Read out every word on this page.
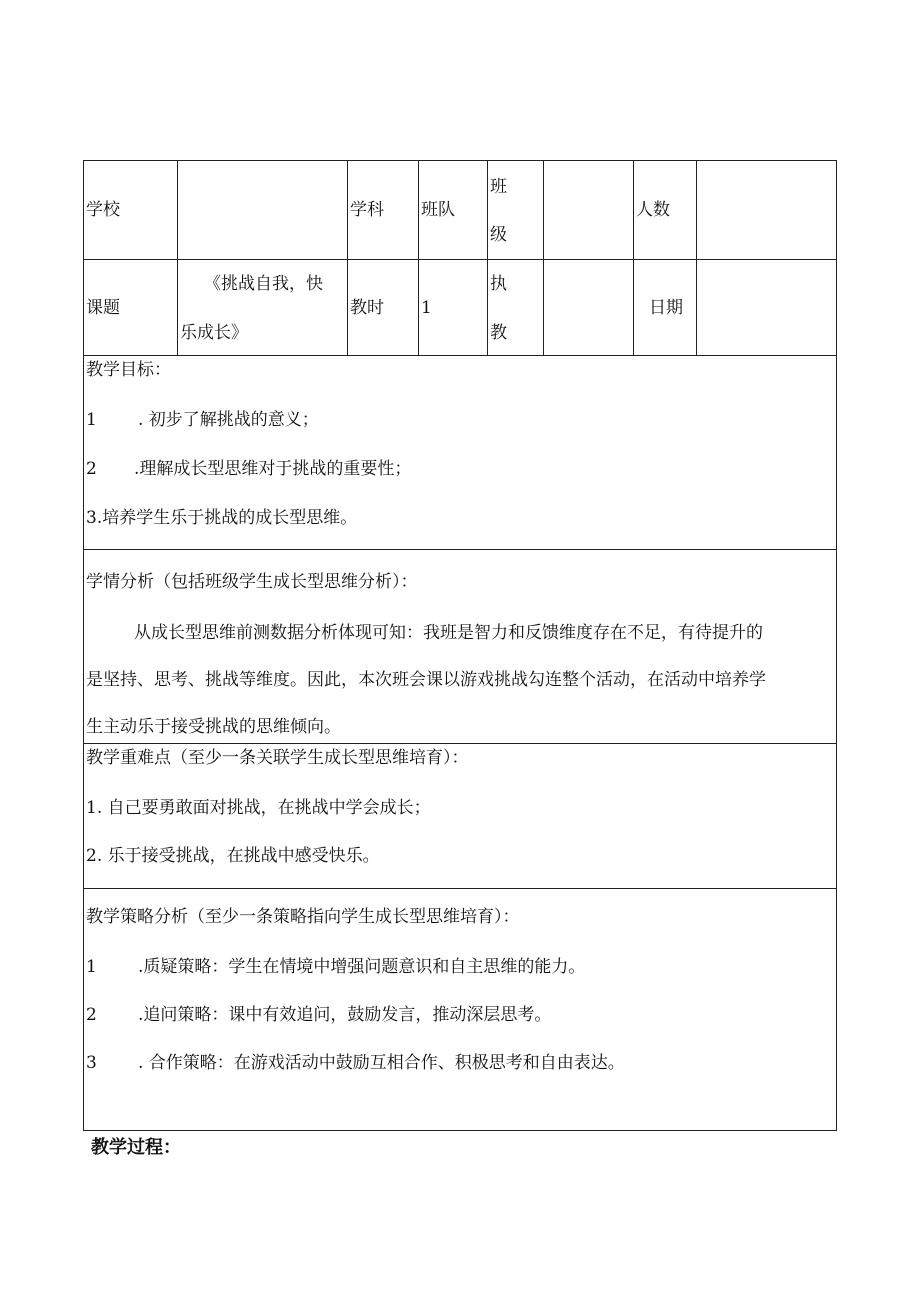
学校	学科 班队
班
级
人数
课题
《挑战自我，快
乐成长》
教时 1
执
教
日期
教学目标：
1 . 初步了解挑战的意义；
2 .理解成长型思维对于挑战的重要性；
3.培养学生乐于挑战的成长型思维。
学情分析（包括班级学生成长型思维分析）：
从成长型思维前测数据分析体现可知：我班是智力和反馈维度存在不足，有待提升的
是坚持、思考、挑战等维度。因此，本次班会课以游戏挑战勾连整个活动，在活动中培养学
生主动乐于接受挑战的思维倾向。
教学重难点（至少一条关联学生成长型思维培育）：
1. 自己要勇敢面对挑战，在挑战中学会成长；
2. 乐于接受挑战，在挑战中感受快乐。
教学策略分析（至少一条策略指向学生成长型思维培育）：
1 .质疑策略：学生在情境中增强问题意识和自主思维的能力。
2 .追问策略：课中有效追问，鼓励发言，推动深层思考。
3 . 合作策略：在游戏活动中鼓励互相合作、积极思考和自由表达。
教学过程：
